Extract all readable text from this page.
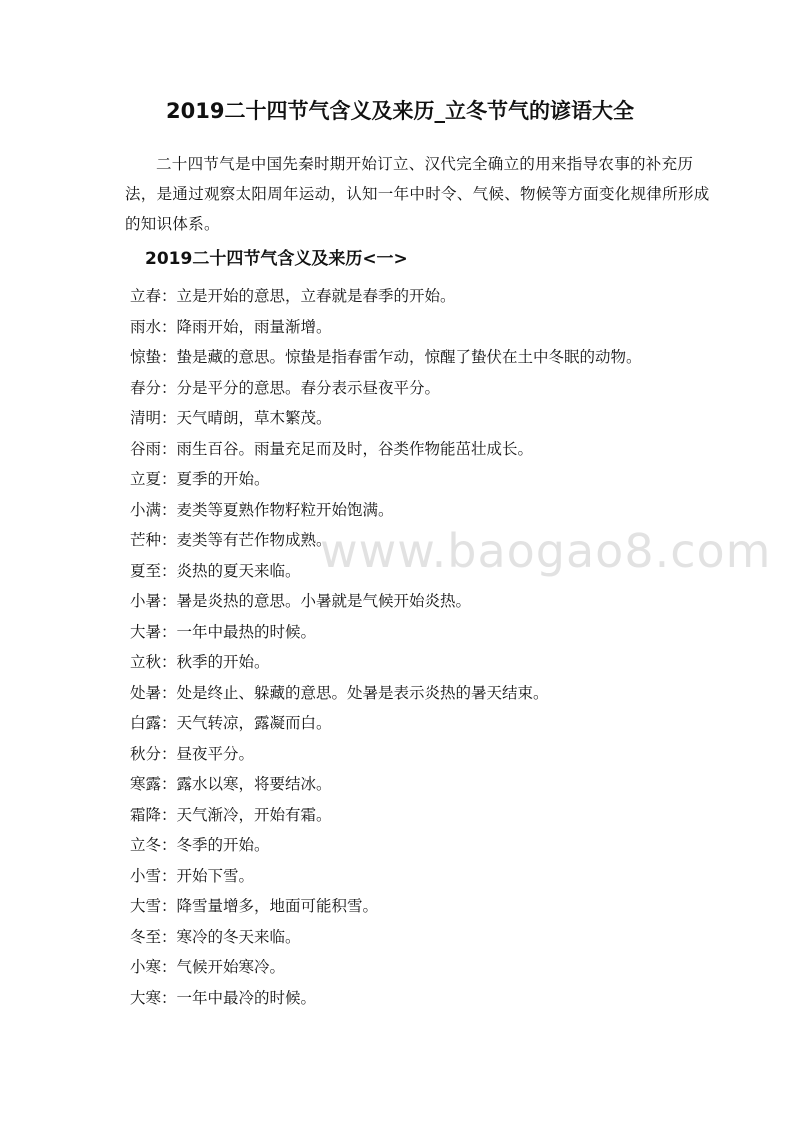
2019二十四节气含义及来历_立冬节气的谚语大全

二十四节气是中国先秦时期开始订立、汉代完全确立的用来指导农事的补充历法，是通过观察太阳周年运动，认知一年中时令、气候、物候等方面变化规律所形成的知识体系。

2019二十四节气含义及来历<一>
立春：立是开始的意思，立春就是春季的开始。
雨水：降雨开始，雨量渐增。
惊蛰：蛰是藏的意思。惊蛰是指春雷乍动，惊醒了蛰伏在土中冬眠的动物。
春分：分是平分的意思。春分表示昼夜平分。
清明：天气晴朗，草木繁茂。
谷雨：雨生百谷。雨量充足而及时，谷类作物能茁壮成长。
立夏：夏季的开始。
小满：麦类等夏熟作物籽粒开始饱满。
芒种：麦类等有芒作物成熟。
夏至：炎热的夏天来临。
小暑：暑是炎热的意思。小暑就是气候开始炎热。
大暑：一年中最热的时候。
立秋：秋季的开始。
处暑：处是终止、躲藏的意思。处暑是表示炎热的暑天结束。
白露：天气转凉，露凝而白。
秋分：昼夜平分。
寒露：露水以寒，将要结冰。
霜降：天气渐冷，开始有霜。
立冬：冬季的开始。
小雪：开始下雪。
大雪：降雪量增多，地面可能积雪。
冬至：寒冷的冬天来临。
小寒：气候开始寒冷。
大寒：一年中最冷的时候。
www.baogao8.com
